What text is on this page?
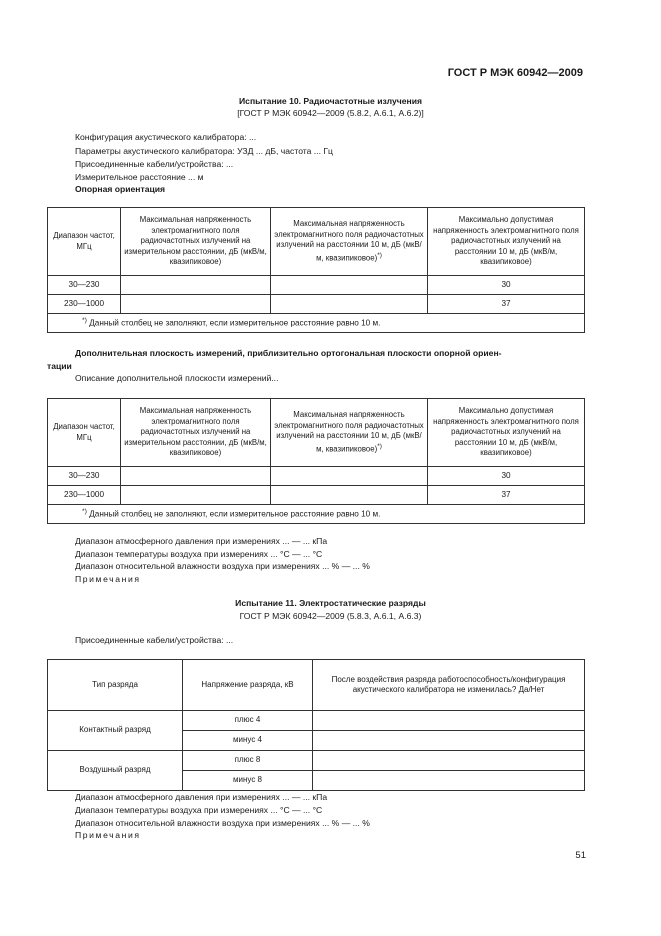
ГОСТ Р МЭК 60942—2009
Испытание 10. Радиочастотные излучения
[ГОСТ Р МЭК 60942—2009 (5.8.2, А.6.1, А.6.2)]
Конфигурация акустического калибратора: ...
Параметры акустического калибратора: УЗД ... дБ, частота ... Гц
Присоединенные кабели/устройства: ...
Измерительное расстояние ... м
Опорная ориентация
Диапазон частот, МГц	Максимальная напряженность электромагнитного поля радиочастотных излучений на измерительном расстоянии, дБ (мкВ/м, квазипиковое)	Максимальная напряженность электромагнитного поля радиочастотных излучений на расстоянии 10 м, дБ (мкВ/м, квазипиковое)*)	Максимально допустимая напряженность электромагнитного поля радиочастотных излучений на расстоянии 10 м, дБ (мкВ/м, квазипиковое)
30—230			30
230—1000			37
*) Данный столбец не заполняют, если измерительное расстояние равно 10 м.			
Дополнительная плоскость измерений, приблизительно ортогональная плоскости опорной ориен-
тации
Описание дополнительной плоскости измерений...
Диапазон частот, МГц	Максимальная напряженность электромагнитного поля радиочастотных излучений на измерительном расстоянии, дБ (мкВ/м, квазипиковое)	Максимальная напряженность электромагнитного поля радиочастотных излучений на расстоянии 10 м, дБ (мкВ/м, квазипиковое)*)	Максимально допустимая напряженность электромагнитного поля радиочастотных излучений на расстоянии 10 м, дБ (мкВ/м, квазипиковое)
30—230			30
230—1000			37
*) Данный столбец не заполняют, если измерительное расстояние равно 10 м.			
Диапазон атмосферного давления при измерениях ... — ... кПа
Диапазон температуры воздуха при измерениях ... °С — ... °С
Диапазон относительной влажности воздуха при измерениях ... % — ... %
Примечания
Испытание 11. Электростатические разряды
ГОСТ Р МЭК 60942—2009 (5.8.3, А.6.1, А.6.3)
Присоединенные кабели/устройства: ...
Тип разряда	Напряжение разряда, кВ	После воздействия разряда работоспособность/конфигурация акустического калибратора не изменилась? Да/Нет
Контактный разряд	плюс 4	
	минус 4	
Воздушный разряд	плюс 8	
	минус 8	
Диапазон атмосферного давления при измерениях ... — ... кПа
Диапазон температуры воздуха при измерениях ... °С — ... °С
Диапазон относительной влажности воздуха при измерениях ... % — ... %
Примечания
51
